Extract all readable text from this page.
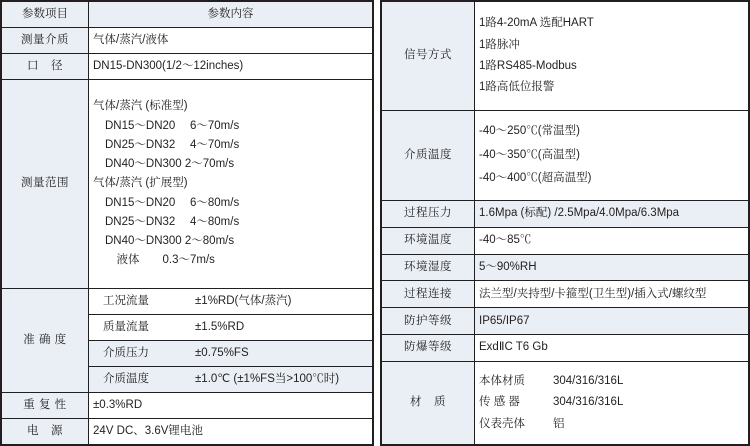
参数项目	参数内容
测量介质	气体/蒸汽/液体
口　径	DN15-DN300(1/2～12inches)
测量范围	
气体/蒸汽 (标准型)
DN15～DN20　 6～70m/s
DN25～DN32　 4～70m/s
DN40～DN300 2～70m/s
气体/蒸汽 (扩展型)
DN15～DN20　 6～80m/s
DN25～DN32　 4～80m/s
DN40～DN300 2～80m/s
　液体　　0.3～7m/s

准 确 度	工况流量 ±1%RD(气体/蒸汽)

	质量流量 ±1.5%RD

	介质压力 ±0.75%FS

	介质温度 ±1.0℃ (±1%FS当>100℃时)

重 复 性	±0.3%RD
电　源	24V DC、3.6V锂电池
信号方式	1路4-20mA 选配HART
1路脉冲
1路RS485-Modbus
1路高低位报警

介质温度	-40～250℃(常温型)
-40～350℃(高温型)
-40～400℃(超高温型)

过程压力	1.6Mpa (标配) /2.5Mpa/4.0Mpa/6.3Mpa
环境温度	-40～85℃
环境湿度	5～90%RH
过程连接	法兰型/夹持型/卡箍型(卫生型)/插入式/螺纹型
防护等级	IP65/IP67
防爆等级	ExdⅡC T6 Gb
材　质	本体材质 304/316/316L
传 感 器 304/316/316L
仪表壳体 铝
